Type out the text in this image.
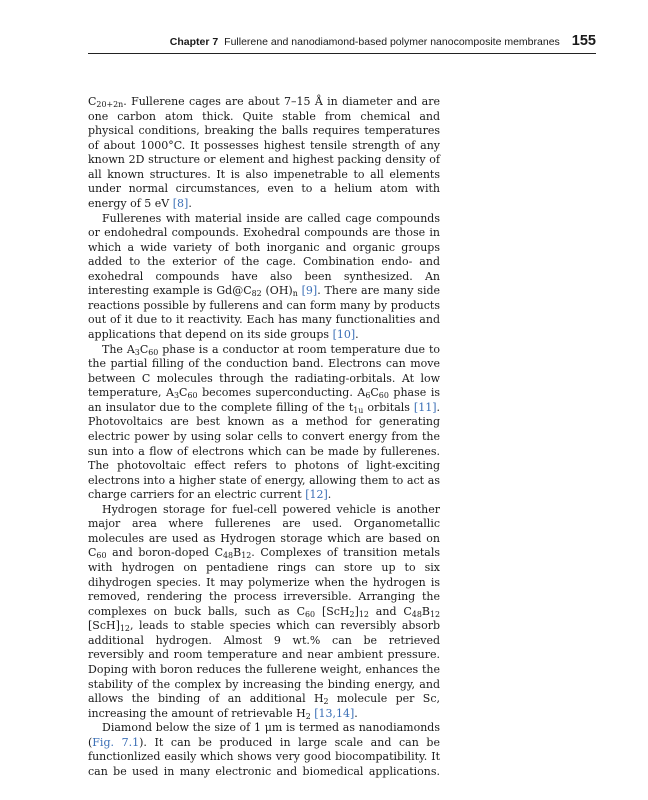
Chapter 7 Fullerene and nanodiamond-based polymer nanocomposite membranes 155

$C_{20+2n}$. Fullerene cages are about 7–15 Å in diameter and are one carbon atom thick. Quite stable from chemical and physical conditions, breaking the balls requires temperatures of about 1000°C. It possesses highest tensile strength of any known 2D structure or element and highest packing density of all known structures. It is also impenetrable to all elements under normal circumstances, even to a helium atom with energy of 5 eV [8].

Fullerenes with material inside are called cage compounds or endohedral compounds. Exohedral compounds are those in which a wide variety of both inorganic and organic groups added to the exterior of the cage. Combination endo- and exohedral compounds have also been synthesized. An interesting example is $Gd@C_{82}$ $(OH)_n$ [9]. There are many side reactions possible by fullerens and can form many by products out of it due to it reactivity. Each has many functionalities and applications that depend on its side groups [10].

The $A_3C_{60}$ phase is a conductor at room temperature due to the partial filling of the conduction band. Electrons can move between C molecules through the radiating-orbitals. At low temperature, $A_3C_{60}$ becomes superconducting. $A_6C_{60}$ phase is an insulator due to the complete filling of the $t_{1u}$ orbitals [11]. Photovoltaics are best known as a method for generating electric power by using solar cells to convert energy from the sun into a flow of electrons which can be made by fullerenes. The photovoltaic effect refers to photons of light-exciting electrons into a higher state of energy, allowing them to act as charge carriers for an electric current [12].

Hydrogen storage for fuel-cell powered vehicle is another major area where fullerenes are used. Organometallic molecules are used as Hydrogen storage which are based on $C_{60}$ and boron-doped $C_{48}B_{12}$. Complexes of transition metals with hydrogen on pentadiene rings can store up to six dihydrogen species. It may polymerize when the hydrogen is removed, rendering the process irreversible. Arranging the complexes on buck balls, such as $C_{60}$ $[ScH_2]_{12}$ and $C_{48}B_{12}$ $[ScH]_{12}$, leads to stable species which can reversibly absorb additional hydrogen. Almost 9 wt.% can be retrieved reversibly and room temperature and near ambient pressure. Doping with boron reduces the fullerene weight, enhances the stability of the complex by increasing the binding energy, and allows the binding of an additional $H_2$ molecule per Sc, increasing the amount of retrievable $H_2$ [13,14].

Diamond below the size of 1 μm is termed as nanodiamonds (Fig. 7.1). It can be produced in large scale and can be functionlized easily which shows very good biocompatibility. It can be used in many electronic and biomedical applications.
